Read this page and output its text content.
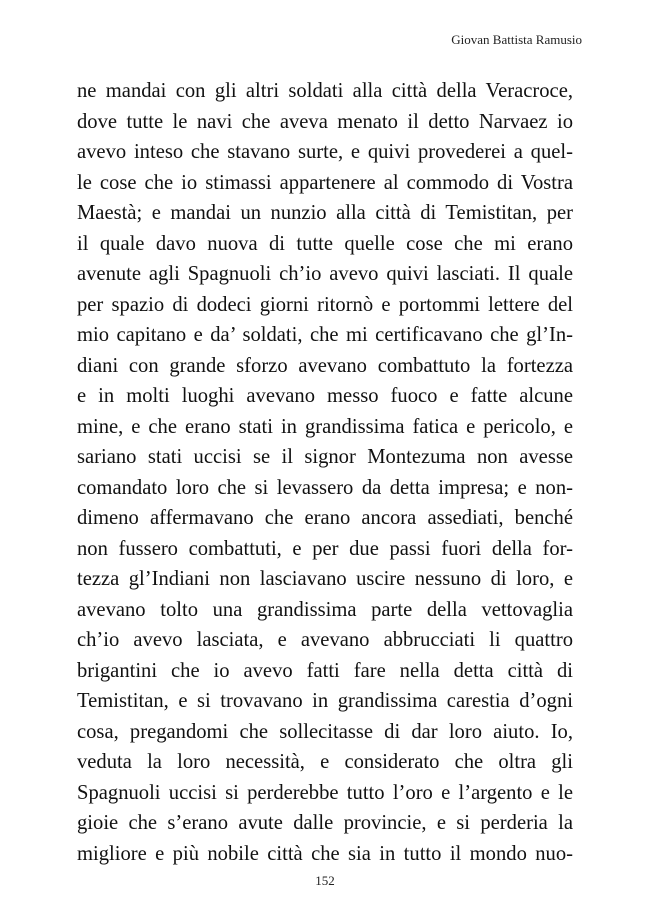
Giovan Battista Ramusio
ne mandai con gli altri soldati alla città della Veracroce,
dove tutte le navi che aveva menato il detto Narvaez io
avevo inteso che stavano surte, e quivi provederei a quel-
le cose che io stimassi appartenere al commodo di Vostra
Maestà; e mandai un nunzio alla città di Temistitan, per
il quale davo nuova di tutte quelle cose che mi erano
avenute agli Spagnuoli ch’io avevo quivi lasciati. Il quale
per spazio di dodeci giorni ritornò e portommi lettere del
mio capitano e da’ soldati, che mi certificavano che gl’In-
diani con grande sforzo avevano combattuto la fortezza
e in molti luoghi avevano messo fuoco e fatte alcune
mine, e che erano stati in grandissima fatica e pericolo, e
sariano stati uccisi se il signor Montezuma non avesse
comandato loro che si levassero da detta impresa; e non-
dimeno affermavano che erano ancora assediati, benché
non fussero combattuti, e per due passi fuori della for-
tezza gl’Indiani non lasciavano uscire nessuno di loro, e
avevano tolto una grandissima parte della vettovaglia
ch’io avevo lasciata, e avevano abbrucciati li quattro
brigantini che io avevo fatti fare nella detta città di
Temistitan, e si trovavano in grandissima carestia d’ogni
cosa, pregandomi che sollecitasse di dar loro aiuto. Io,
veduta la loro necessità, e considerato che oltra gli
Spagnuoli uccisi si perderebbe tutto l’oro e l’argento e le
gioie che s’erano avute dalle provincie, e si perderia la
migliore e più nobile città che sia in tutto il mondo nuo-
152
